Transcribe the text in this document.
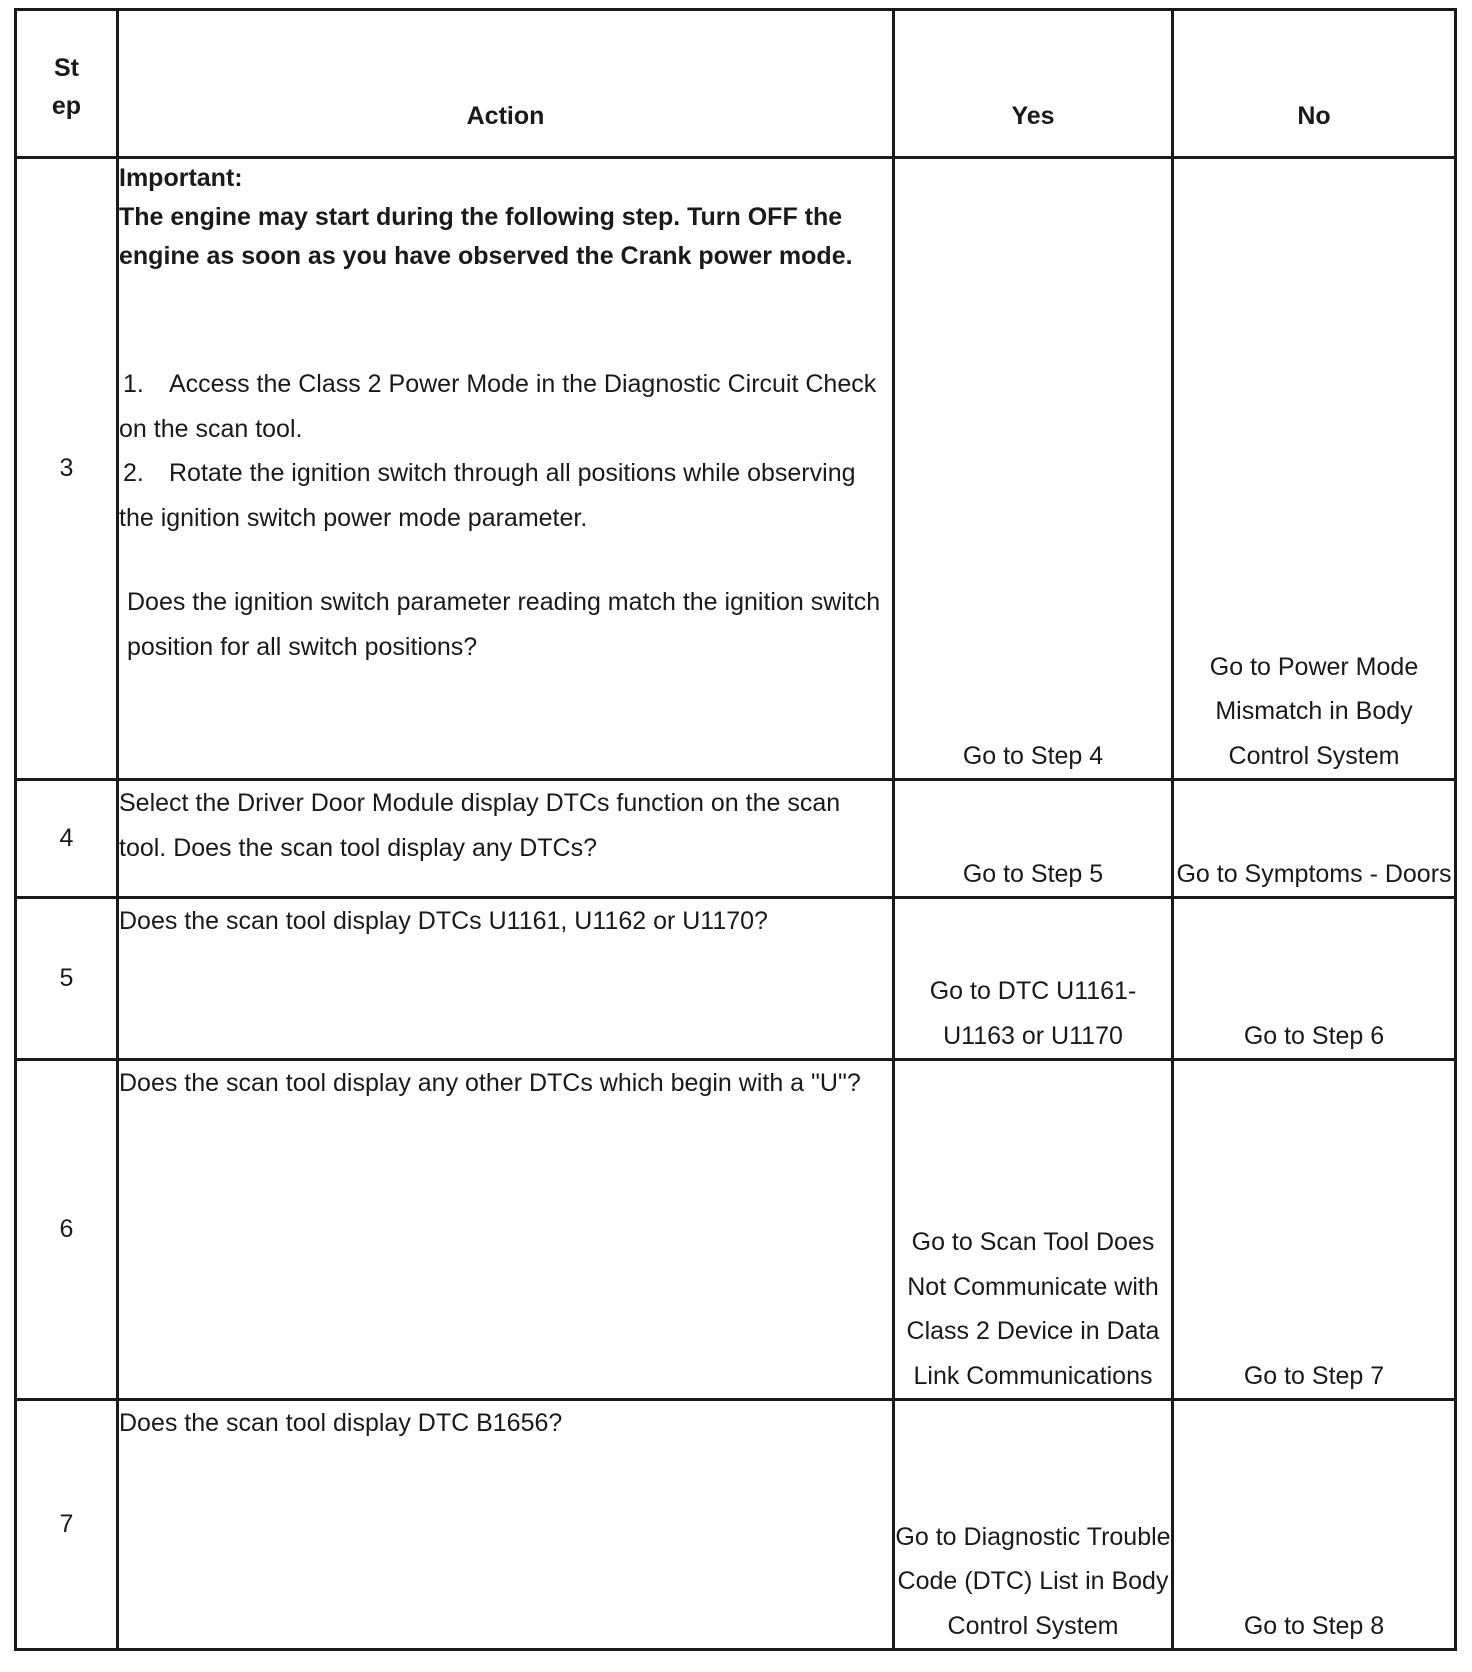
Step	Action	Yes	No
3	Important:
The engine may start during the following step. Turn OFF the engine as soon as you have observed the Crank power mode.
1. Access the Class 2 Power Mode in the Diagnostic Circuit Check on the scan tool.
2. Rotate the ignition switch through all positions while observing the ignition switch power mode parameter.
Does the ignition switch parameter reading match the ignition switch position for all switch positions?	Go to Step 4	Go to Power Mode Mismatch in Body Control System
4	Select the Driver Door Module display DTCs function on the scan tool. Does the scan tool display any DTCs?	Go to Step 5	Go to Symptoms - Doors
5	Does the scan tool display DTCs U1161, U1162 or U1170?	Go to DTC U1161-U1163 or U1170	Go to Step 6
6	Does the scan tool display any other DTCs which begin with a "U"?	Go to Scan Tool Does Not Communicate with Class 2 Device in Data Link Communications	Go to Step 7
7	Does the scan tool display DTC B1656?	Go to Diagnostic Trouble Code (DTC) List in Body Control System	Go to Step 8
